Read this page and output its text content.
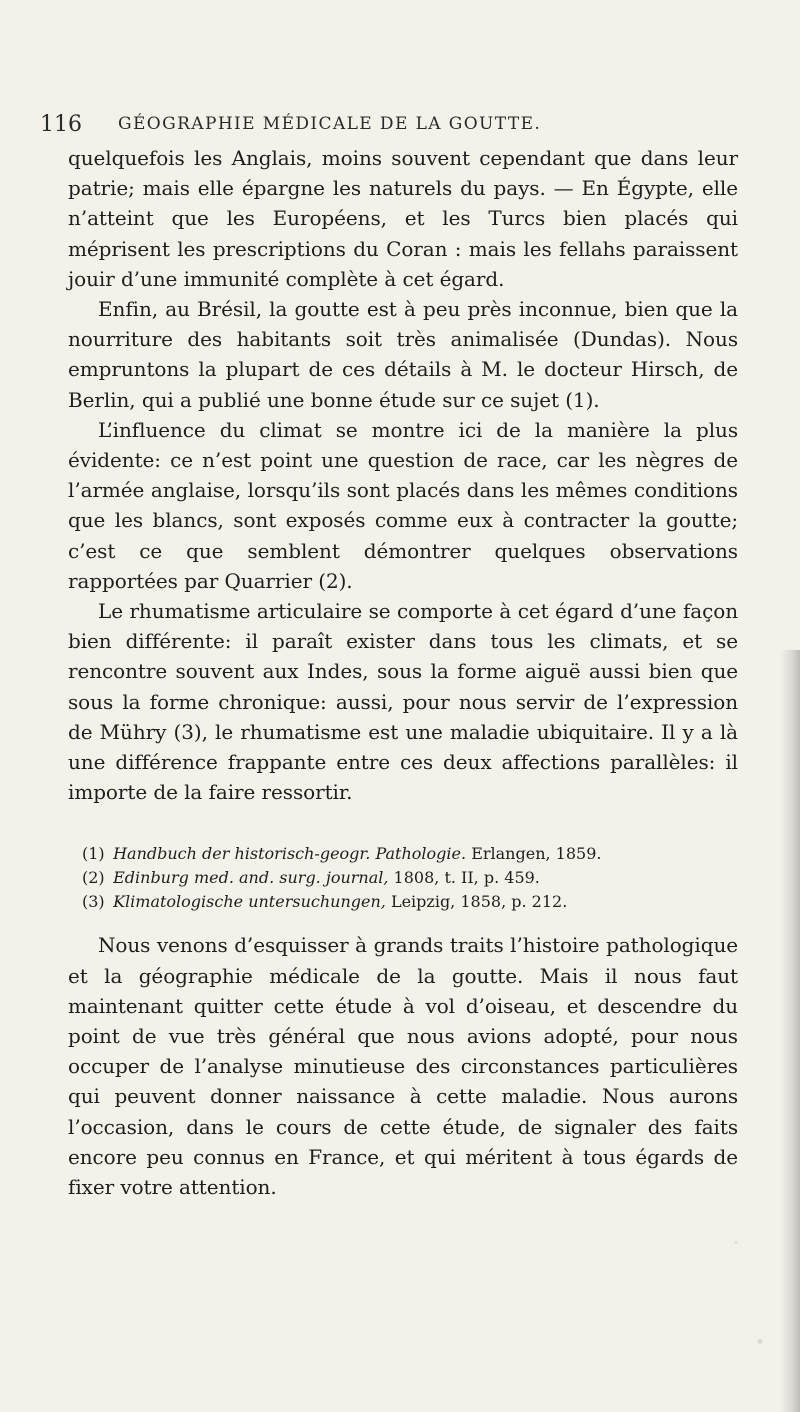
116	GÉOGRAPHIE MÉDICALE DE LA GOUTTE.

quelquefois les Anglais, moins souvent cependant que dans leur patrie; mais elle épargne les naturels du pays. — En Égypte, elle n’atteint que les Européens, et les Turcs bien placés qui méprisent les prescriptions du Coran : mais les fellahs paraissent jouir d’une immunité complète à cet égard.

Enfin, au Brésil, la goutte est à peu près inconnue, bien que la nourriture des habitants soit très animalisée (Dundas). Nous empruntons la plupart de ces détails à M. le docteur Hirsch, de Berlin, qui a publié une bonne étude sur ce sujet (1).

L’influence du climat se montre ici de la manière la plus évidente: ce n’est point une question de race, car les nègres de l’armée anglaise, lorsqu’ils sont placés dans les mêmes conditions que les blancs, sont exposés comme eux à contracter la goutte; c’est ce que semblent démontrer quelques observations rapportées par Quarrier (2).

Le rhumatisme articulaire se comporte à cet égard d’une façon bien différente: il paraît exister dans tous les climats, et se rencontre souvent aux Indes, sous la forme aiguë aussi bien que sous la forme chronique: aussi, pour nous servir de l’expression de Mühry (3), le rhumatisme est une maladie ubiquitaire. Il y a là une différence frappante entre ces deux affections parallèles: il importe de la faire ressortir.

Nous venons d’esquisser à grands traits l’histoire pathologique et la géographie médicale de la goutte. Mais il nous faut maintenant quitter cette étude à vol d’oiseau, et descendre du point de vue très général que nous avions adopté, pour nous occuper de l’analyse minutieuse des circonstances particulières qui peuvent donner naissance à cette maladie. Nous aurons l’occasion, dans le cours de cette étude, de signaler des faits encore peu connus en France, et qui méritent à tous égards de fixer votre attention.

(1) Handbuch der historisch-geogr. Pathologie. Erlangen, 1859.

(2) Edinburg med. and. surg. journal, 1808, t. II, p. 459.

(3) Klimatologische untersuchungen, Leipzig, 1858, p. 212.
